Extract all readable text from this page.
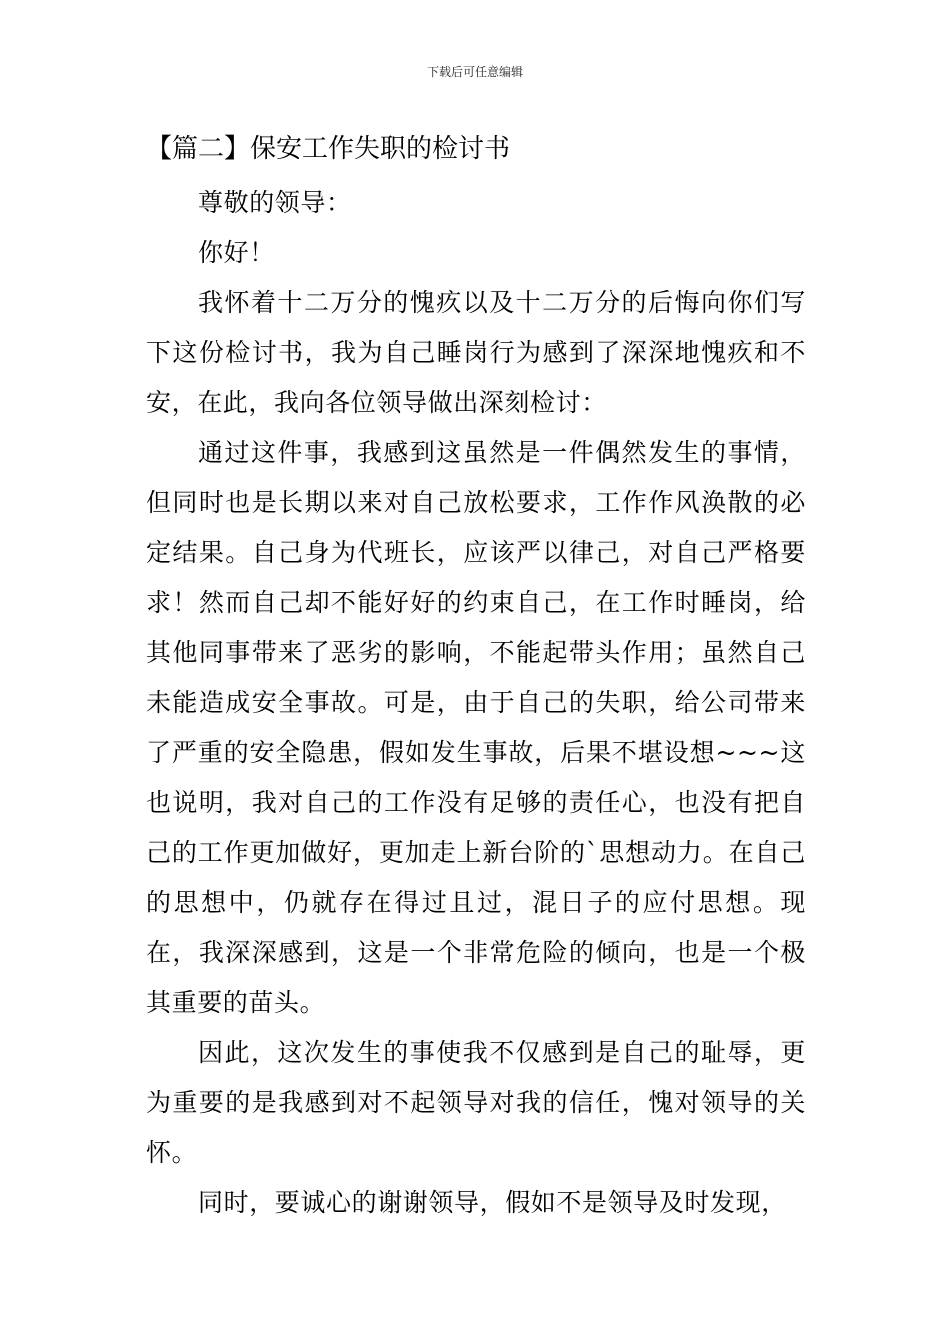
下载后可任意编辑
【篇二】保安工作失职的检讨书

尊敬的领导：

你好！

我怀着十二万分的愧疚以及十二万分的后悔向你们写下这份检讨书，我为自己睡岗行为感到了深深地愧疚和不安，在此，我向各位领导做出深刻检讨：

通过这件事，我感到这虽然是一件偶然发生的事情，但同时也是长期以来对自己放松要求，工作作风涣散的必定结果。自己身为代班长，应该严以律己，对自己严格要求！然而自己却不能好好的约束自己，在工作时睡岗，给其他同事带来了恶劣的影响，不能起带头作用；虽然自己未能造成安全事故。可是，由于自己的失职，给公司带来了严重的安全隐患，假如发生事故，后果不堪设想~~~这也说明，我对自己的工作没有足够的责任心，也没有把自己的工作更加做好，更加走上新台阶的`思想动力。在自己的思想中，仍就存在得过且过，混日子的应付思想。现在，我深深感到，这是一个非常危险的倾向，也是一个极其重要的苗头。

因此，这次发生的事使我不仅感到是自己的耻辱，更为重要的是我感到对不起领导对我的信任，愧对领导的关怀。

同时，要诚心的谢谢领导，假如不是领导及时发现，
